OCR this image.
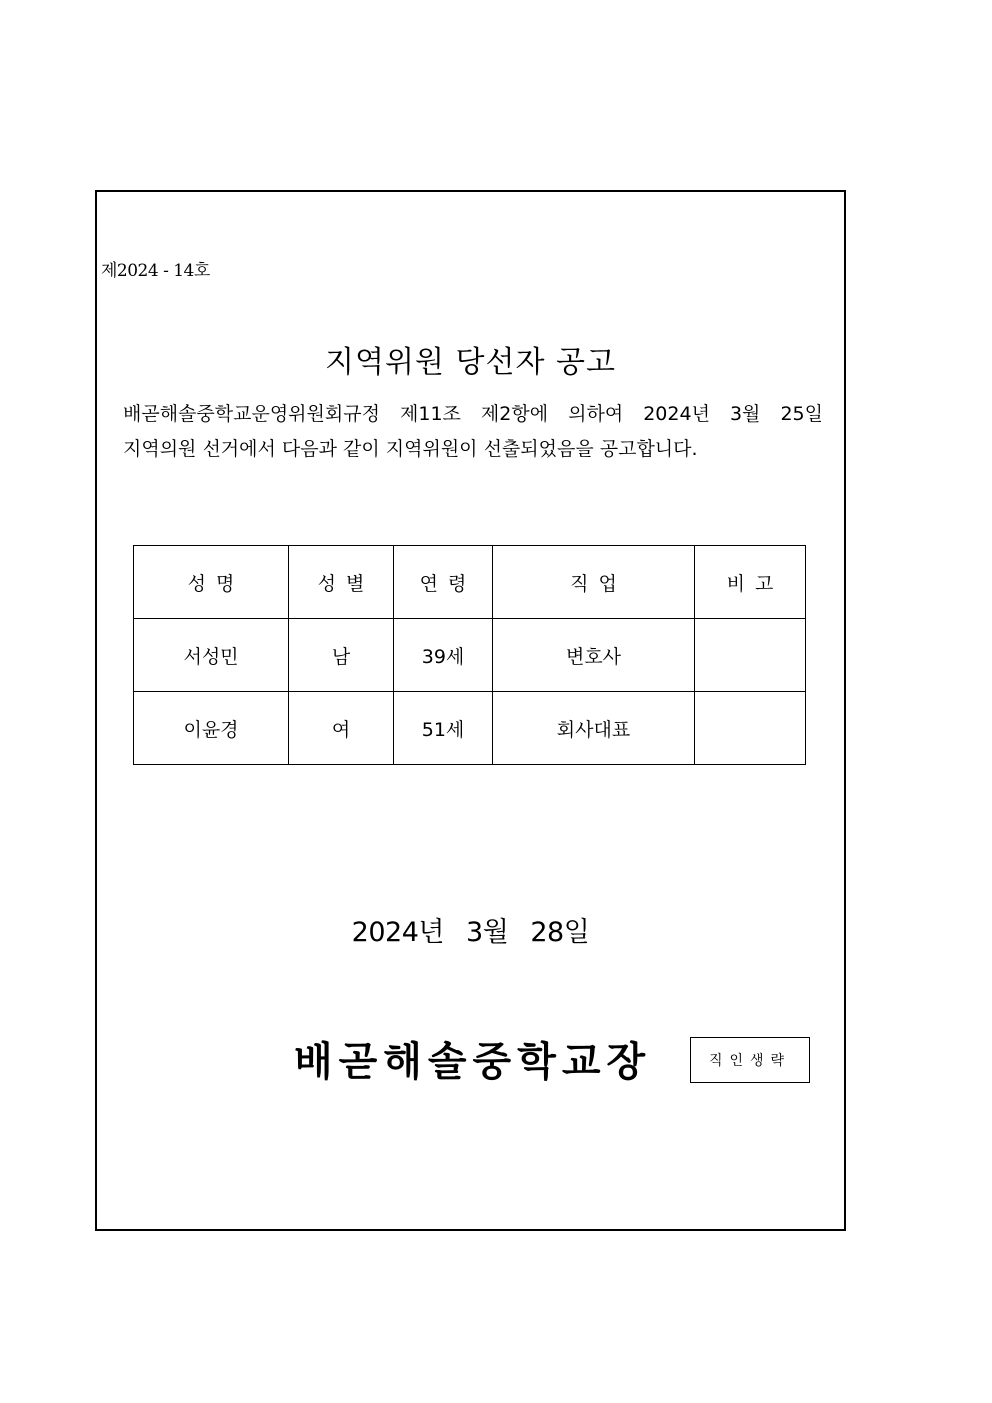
제2024 - 14호
지역위원 당선자 공고
배곧해솔중학교운영위원회규정 제11조 제2항에 의하여 2024년 3월 25일
지역의원 선거에서 다음과 같이 지역위원이 선출되었음을 공고합니다.
성명	성별	연령	직업	비고
서성민	남	39세	변호사	
이윤경	여	51세	회사대표	
2024년 3월 28일
배곧해솔중학교장	직인생략
